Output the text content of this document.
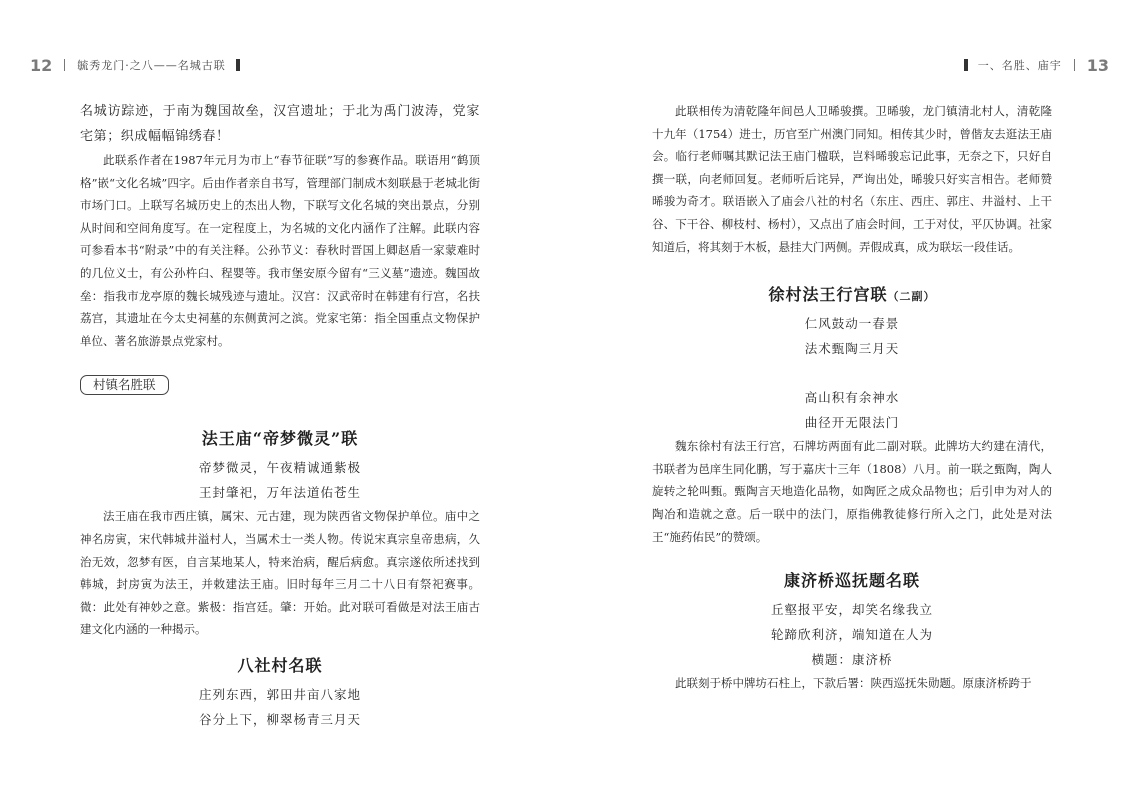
12 毓秀龙门·之八——名城古联

名城访踪迹，于南为魏国故垒，汉宫遗址；于北为禹门波涛，党家宅第；织成幅幅锦绣春！

此联系作者在1987年元月为市上“春节征联”写的参赛作品。联语用“鹤顶格”嵌“文化名城”四字。后由作者亲自书写，管理部门制成木刻联悬于老城北街市场门口。上联写名城历史上的杰出人物，下联写文化名城的突出景点，分别从时间和空间角度写。在一定程度上，为名城的文化内涵作了注解。此联内容可参看本书“附录”中的有关注释。公孙节义：春秋时晋国上卿赵盾一家蒙难时的几位义士，有公孙杵臼、程婴等。我市堡安原今留有“三义墓”遗迹。魏国故垒：指我市龙亭原的魏长城残迹与遗址。汉宫：汉武帝时在韩建有行宫，名扶荔宫，其遗址在今太史祠墓的东侧黄河之滨。党家宅第：指全国重点文物保护单位、著名旅游景点党家村。

村镇名胜联
法王庙“帝梦微灵”联
帝梦微灵，午夜精诚通紫极
王封肇祀，万年法道佑苍生

法王庙在我市西庄镇，属宋、元古建，现为陕西省文物保护单位。庙中之神名房寅，宋代韩城井溢村人，当属术士一类人物。传说宋真宗皇帝患病，久治无效，忽梦有医，自言某地某人，特来治病，醒后病愈。真宗遂依所述找到韩城，封房寅为法王，并敕建法王庙。旧时每年三月二十八日有祭祀赛事。微：此处有神妙之意。紫极：指宫廷。肇：开始。此对联可看做是对法王庙古建文化内涵的一种揭示。

八社村名联
庄列东西，郭田井亩八家地
谷分上下，柳翠杨青三月天
一、名胜、庙宇 13

此联相传为清乾隆年间邑人卫晞骏撰。卫晞骏，龙门镇清北村人，清乾隆十九年（1754）进士，历官至广州澳门同知。相传其少时，曾偕友去逛法王庙会。临行老师嘱其默记法王庙门楹联，岂料晞骏忘记此事，无奈之下，只好自撰一联，向老师回复。老师听后诧异，严询出处，晞骏只好实言相告。老师赞晞骏为奇才。联语嵌入了庙会八社的村名（东庄、西庄、郭庄、井溢村、上干谷、下干谷、柳枝村、杨村），又点出了庙会时间，工于对仗，平仄协调。社家知道后，将其刻于木板，悬挂大门两侧。弄假成真，成为联坛一段佳话。

徐村法王行宫联（二副）
仁风鼓动一春景
法术甄陶三月天
高山积有余神水
曲径开无限法门

魏东徐村有法王行宫，石牌坊两面有此二副对联。此牌坊大约建在清代，书联者为邑庠生同化鹏，写于嘉庆十三年（1808）八月。前一联之甄陶，陶人旋转之轮叫甄。甄陶言天地造化品物，如陶匠之成众品物也；后引申为对人的陶冶和造就之意。后一联中的法门，原指佛教徒修行所入之门，此处是对法王“施药佑民”的赞颂。

康济桥巡抚题名联
丘壑报平安，却笑名缘我立
轮蹄欣利济，端知道在人为
横题：康济桥

此联刻于桥中牌坊石柱上，下款后署：陕西巡抚朱勋题。原康济桥跨于
